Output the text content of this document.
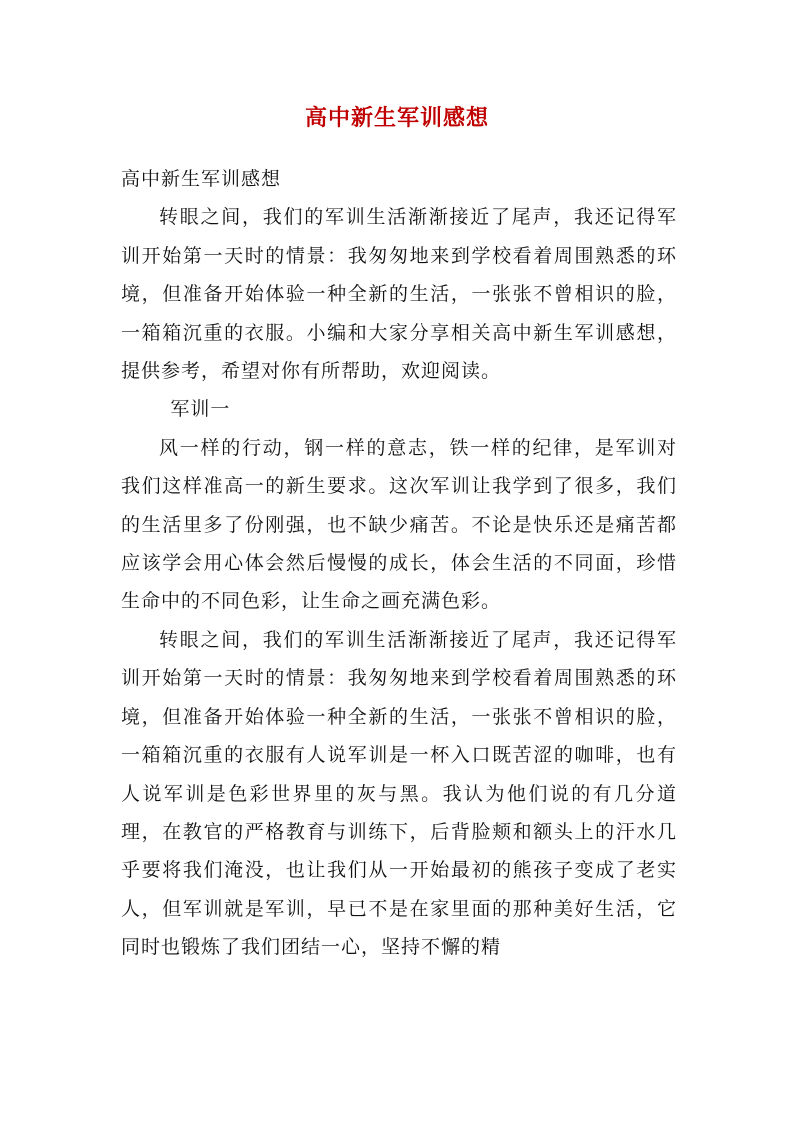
高中新生军训感想

高中新生军训感想

转眼之间，我们的军训生活渐渐接近了尾声，我还记得军训开始第一天时的情景：我匆匆地来到学校看着周围熟悉的环境，但准备开始体验一种全新的生活，一张张不曾相识的脸，一箱箱沉重的衣服。小编和大家分享相关高中新生军训感想，提供参考，希望对你有所帮助，欢迎阅读。

军训一

风一样的行动，钢一样的意志，铁一样的纪律，是军训对我们这样准高一的新生要求。这次军训让我学到了很多，我们的生活里多了份刚强，也不缺少痛苦。不论是快乐还是痛苦都应该学会用心体会然后慢慢的成长，体会生活的不同面，珍惜生命中的不同色彩，让生命之画充满色彩。

转眼之间，我们的军训生活渐渐接近了尾声，我还记得军训开始第一天时的情景：我匆匆地来到学校看着周围熟悉的环境，但准备开始体验一种全新的生活，一张张不曾相识的脸，一箱箱沉重的衣服有人说军训是一杯入口既苦涩的咖啡，也有人说军训是色彩世界里的灰与黑。我认为他们说的有几分道理，在教官的严格教育与训练下，后背脸颊和额头上的汗水几乎要将我们淹没，也让我们从一开始最初的熊孩子变成了老实人，但军训就是军训，早已不是在家里面的那种美好生活，它同时也锻炼了我们团结一心，坚持不懈的精
